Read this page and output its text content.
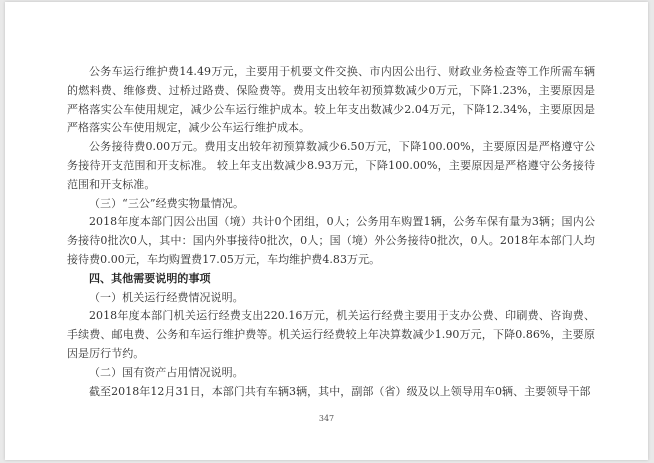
公务车运行维护费14.49万元，主要用于机要文件交换、市内因公出行、财政业务检查等工作所需车辆的燃料费、维修费、过桥过路费、保险费等。费用支出较年初预算数减少0万元，下降1.23%，主要原因是严格落实公车使用规定，减少公车运行维护成本。较上年支出数减少2.04万元，下降12.34%，主要原因是严格落实公车使用规定，减少公车运行维护成本。

公务接待费0.00万元。费用支出较年初预算数减少6.50万元，下降100.00%，主要原因是严格遵守公务接待开支范围和开支标准。 较上年支出数减少8.93万元，下降100.00%，主要原因是严格遵守公务接待范围和开支标准。

（三）“三公”经费实物量情况。

2018年度本部门因公出国（境）共计0个团组，0人；公务用车购置1辆，公务车保有量为3辆；国内公务接待0批次0人，其中：国内外事接待0批次，0人；国（境）外公务接待0批次，0人。2018年本部门人均接待费0.00元，车均购置费17.05万元，车均维护费4.83万元。

四、其他需要说明的事项

（一）机关运行经费情况说明。

2018年度本部门机关运行经费支出220.16万元，机关运行经费主要用于支办公费、印刷费、咨询费、手续费、邮电费、公务和车运行维护费等。机关运行经费较上年决算数减少1.90万元，下降0.86%，主要原因是厉行节约。

（二）国有资产占用情况说明。

截至2018年12月31日，本部门共有车辆3辆，其中，副部（省）级及以上领导用车0辆、主要领导干部

347
